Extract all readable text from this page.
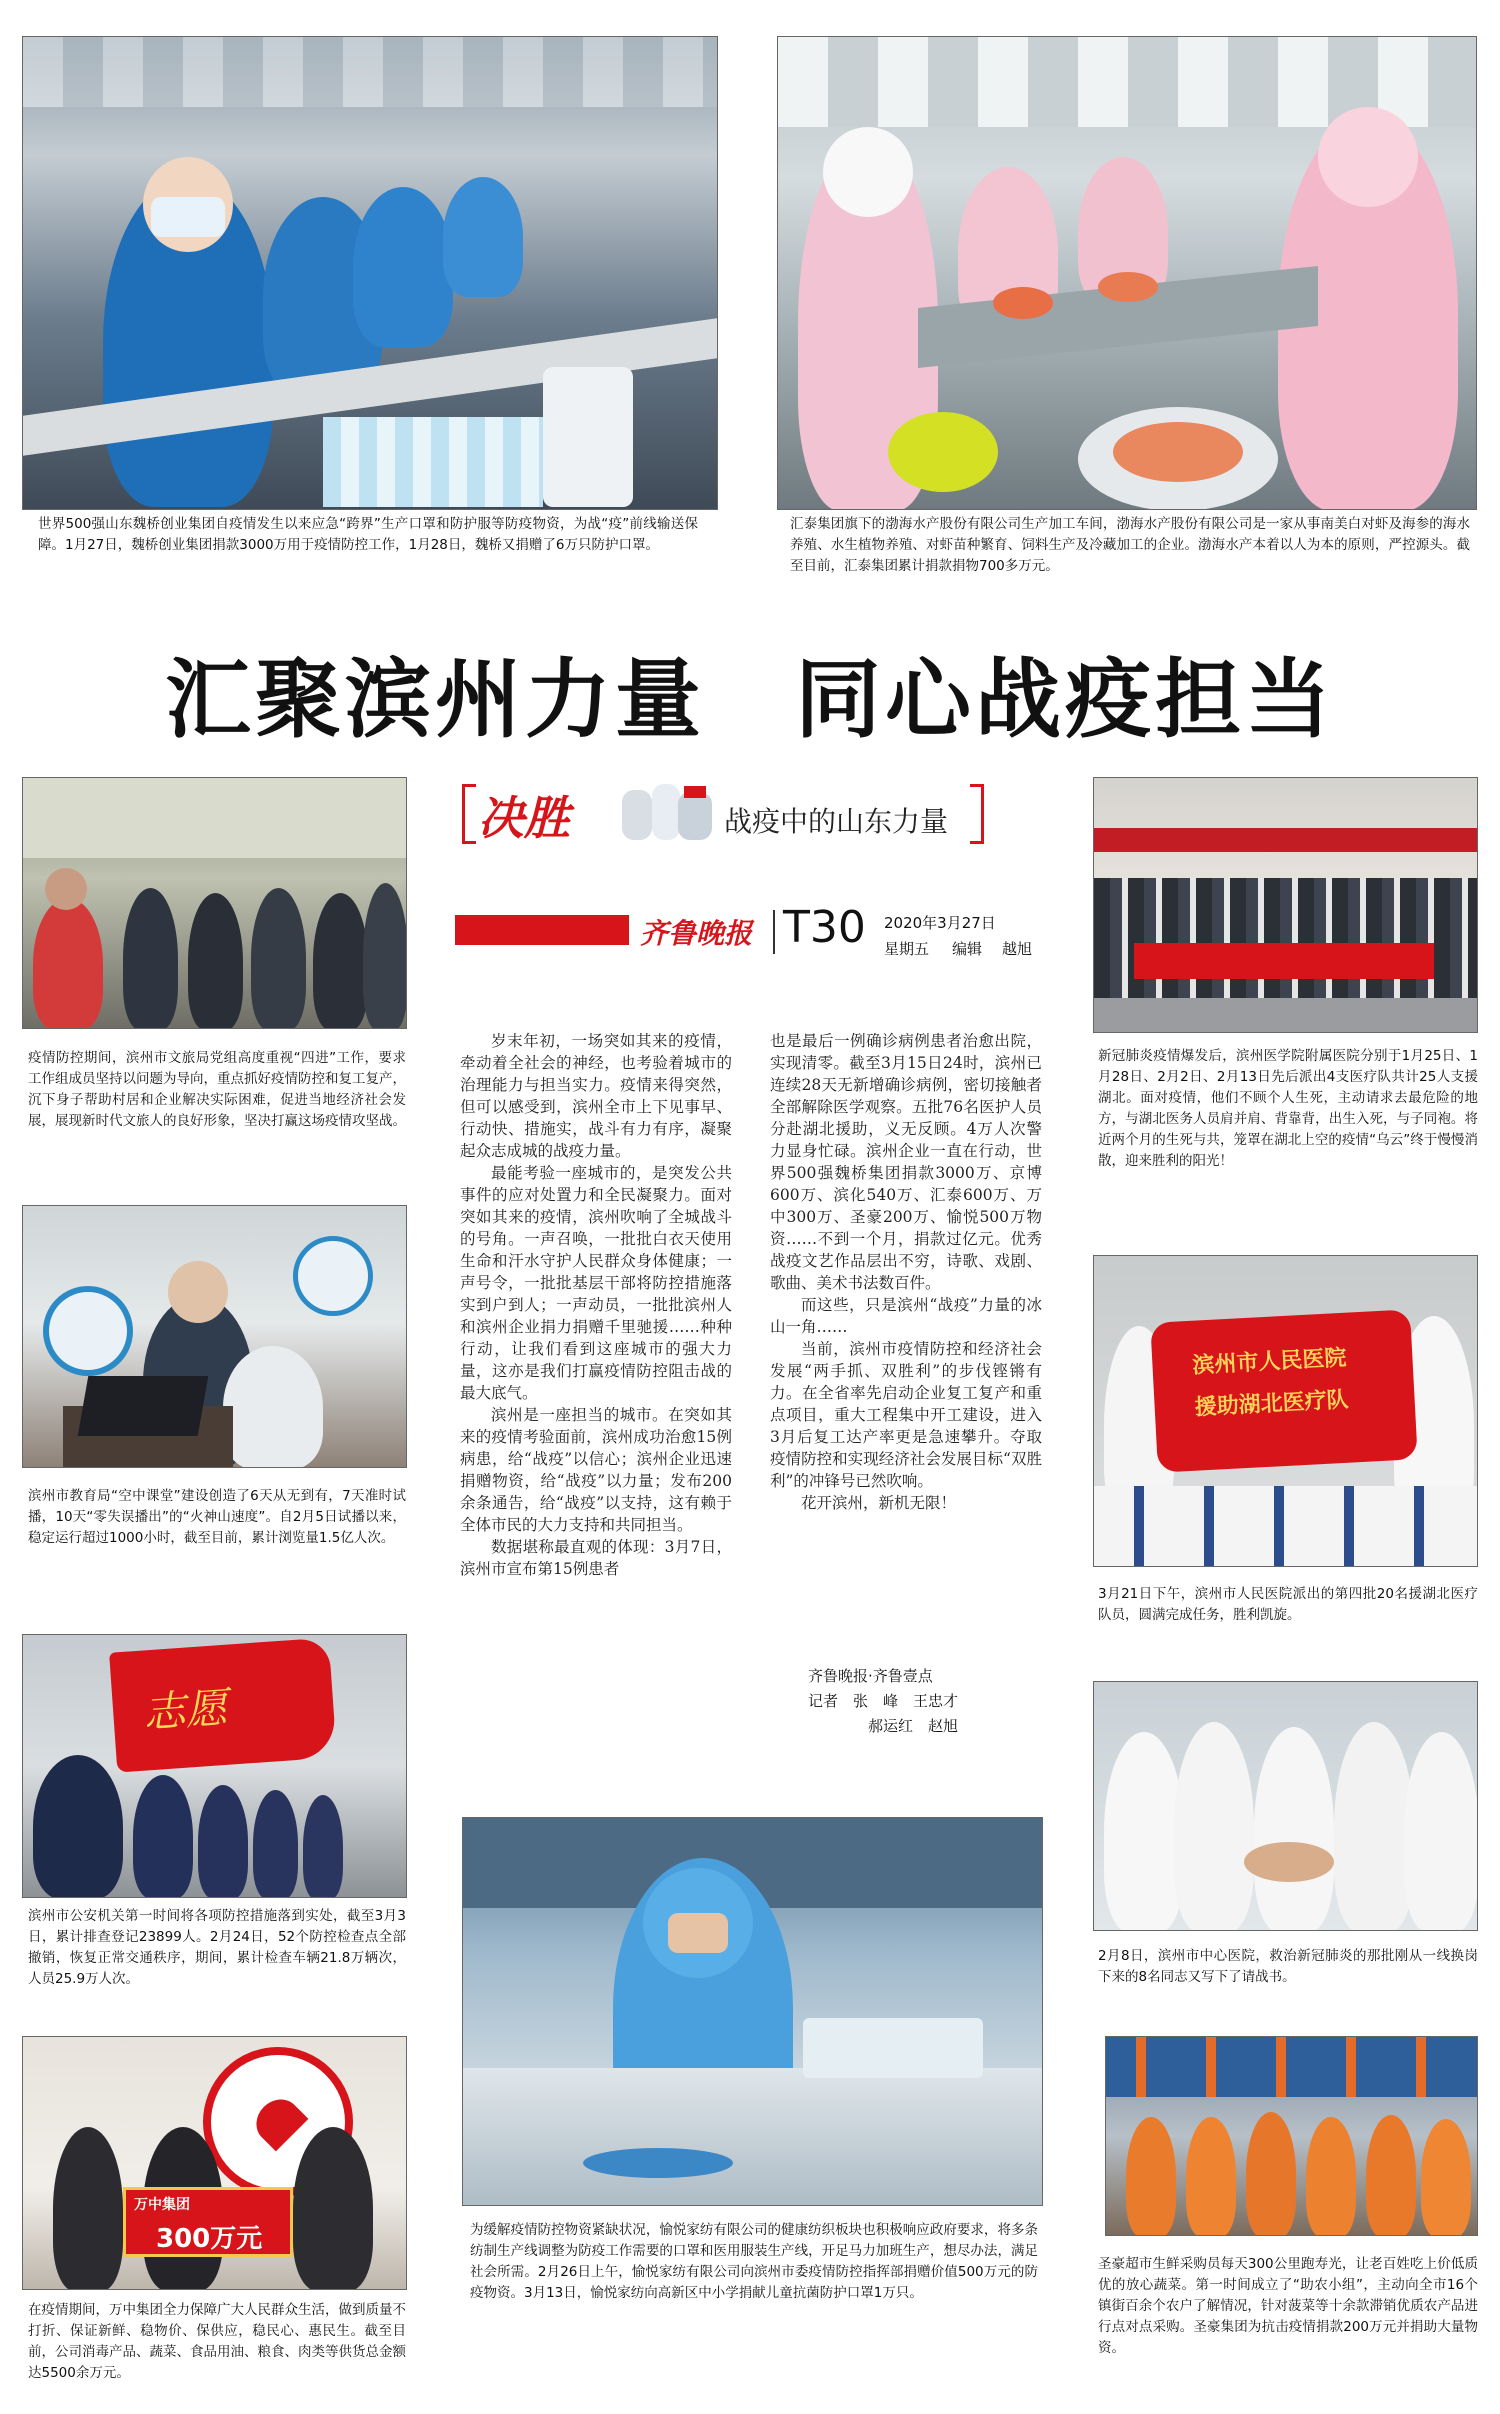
世界500强山东魏桥创业集团自疫情发生以来应急“跨界”生产口罩和防护服等防疫物资，为战“疫”前线输送保障。1月27日，魏桥创业集团捐款3000万用于疫情防控工作，1月28日，魏桥又捐赠了6万只防护口罩。
汇泰集团旗下的渤海水产股份有限公司生产加工车间，渤海水产股份有限公司是一家从事南美白对虾及海参的海水养殖、水生植物养殖、对虾苗种繁育、饲料生产及冷藏加工的企业。渤海水产本着以人为本的原则，严控源头。截至目前，汇泰集团累计捐款捐物700多万元。
汇聚滨州力量　同心战疫担当
决胜	战疫中的山东力量
齐鲁晚报 T30 2020年3月27日
星期五 编辑 越旭

岁末年初，一场突如其来的疫情，牵动着全社会的神经，也考验着城市的治理能力与担当实力。疫情来得突然，但可以感受到，滨州全市上下见事早、行动快、措施实，战斗有力有序，凝聚起众志成城的战疫力量。

最能考验一座城市的，是突发公共事件的应对处置力和全民凝聚力。面对突如其来的疫情，滨州吹响了全城战斗的号角。一声召唤，一批批白衣天使用生命和汗水守护人民群众身体健康；一声号令，一批批基层干部将防控措施落实到户到人；一声动员，一批批滨州人和滨州企业捐力捐赠千里驰援……种种行动，让我们看到这座城市的强大力量，这亦是我们打赢疫情防控阻击战的最大底气。

滨州是一座担当的城市。在突如其来的疫情考验面前，滨州成功治愈15例病患，给“战疫”以信心；滨州企业迅速捐赠物资，给“战疫”以力量；发布200余条通告，给“战疫”以支持，这有赖于全体市民的大力支持和共同担当。

数据堪称最直观的体现：3月7日，滨州市宣布第15例患者

也是最后一例确诊病例患者治愈出院，实现清零。截至3月15日24时，滨州已连续28天无新增确诊病例，密切接触者全部解除医学观察。五批76名医护人员分赴湖北援助，义无反顾。4万人次警力显身忙碌。滨州企业一直在行动，世界500强魏桥集团捐款3000万、京博600万、滨化540万、汇泰600万、万中300万、圣豪200万、愉悦500万物资……不到一个月，捐款过亿元。优秀战疫文艺作品层出不穷，诗歌、戏剧、歌曲、美术书法数百件。

而这些，只是滨州“战疫”力量的冰山一角……

当前，滨州市疫情防控和经济社会发展“两手抓、双胜利”的步伐铿锵有力。在全省率先启动企业复工复产和重点项目，重大工程集中开工建设，进入3月后复工达产率更是急速攀升。夺取疫情防控和实现经济社会发展目标“双胜利”的冲锋号已然吹响。

花开滨州，新机无限！

齐鲁晚报·齐鲁壹点
记者　张　峰　王忠才
郝运红　赵旭
疫情防控期间，滨州市文旅局党组高度重视“四进”工作，要求工作组成员坚持以问题为导向，重点抓好疫情防控和复工复产，沉下身子帮助村居和企业解决实际困难，促进当地经济社会发展，展现新时代文旅人的良好形象，坚决打赢这场疫情攻坚战。
滨州市教育局“空中课堂”建设创造了6天从无到有，7天准时试播，10天“零失误播出”的“火神山速度”。自2月5日试播以来，稳定运行超过1000小时，截至目前，累计浏览量1.5亿人次。
志愿
滨州市公安机关第一时间将各项防控措施落到实处，截至3月3日，累计排查登记23899人。2月24日，52个防控检查点全部撤销，恢复正常交通秩序，期间，累计检查车辆21.8万辆次，人员25.9万人次。
万中集团
300万元
在疫情期间，万中集团全力保障广大人民群众生活，做到质量不打折、保证新鲜、稳物价、保供应，稳民心、惠民生。截至目前，公司消毒产品、蔬菜、食品用油、粮食、肉类等供货总金额达5500余万元。
新冠肺炎疫情爆发后，滨州医学院附属医院分别于1月25日、1月28日、2月2日、2月13日先后派出4支医疗队共计25人支援湖北。面对疫情，他们不顾个人生死，主动请求去最危险的地方，与湖北医务人员肩并肩、背靠背，出生入死，与子同袍。将近两个月的生死与共，笼罩在湖北上空的疫情“乌云”终于慢慢消散，迎来胜利的阳光！
滨州市人民医院
援助湖北医疗队
3月21日下午，滨州市人民医院派出的第四批20名援湖北医疗队员，圆满完成任务，胜利凯旋。
2月8日，滨州市中心医院，救治新冠肺炎的那批刚从一线换岗下来的8名同志又写下了请战书。
圣豪超市生鲜采购员每天300公里跑寿光，让老百姓吃上价低质优的放心蔬菜。第一时间成立了“助农小组”，主动向全市16个镇街百余个农户了解情况，针对菠菜等十余款滞销优质农产品进行点对点采购。圣豪集团为抗击疫情捐款200万元并捐助大量物资。
为缓解疫情防控物资紧缺状况，愉悦家纺有限公司的健康纺织板块也积极响应政府要求，将多条纺制生产线调整为防疫工作需要的口罩和医用服装生产线，开足马力加班生产，想尽办法，满足社会所需。2月26日上午，愉悦家纺有限公司向滨州市委疫情防控指挥部捐赠价值500万元的防疫物资。3月13日，愉悦家纺向高新区中小学捐献儿童抗菌防护口罩1万只。
